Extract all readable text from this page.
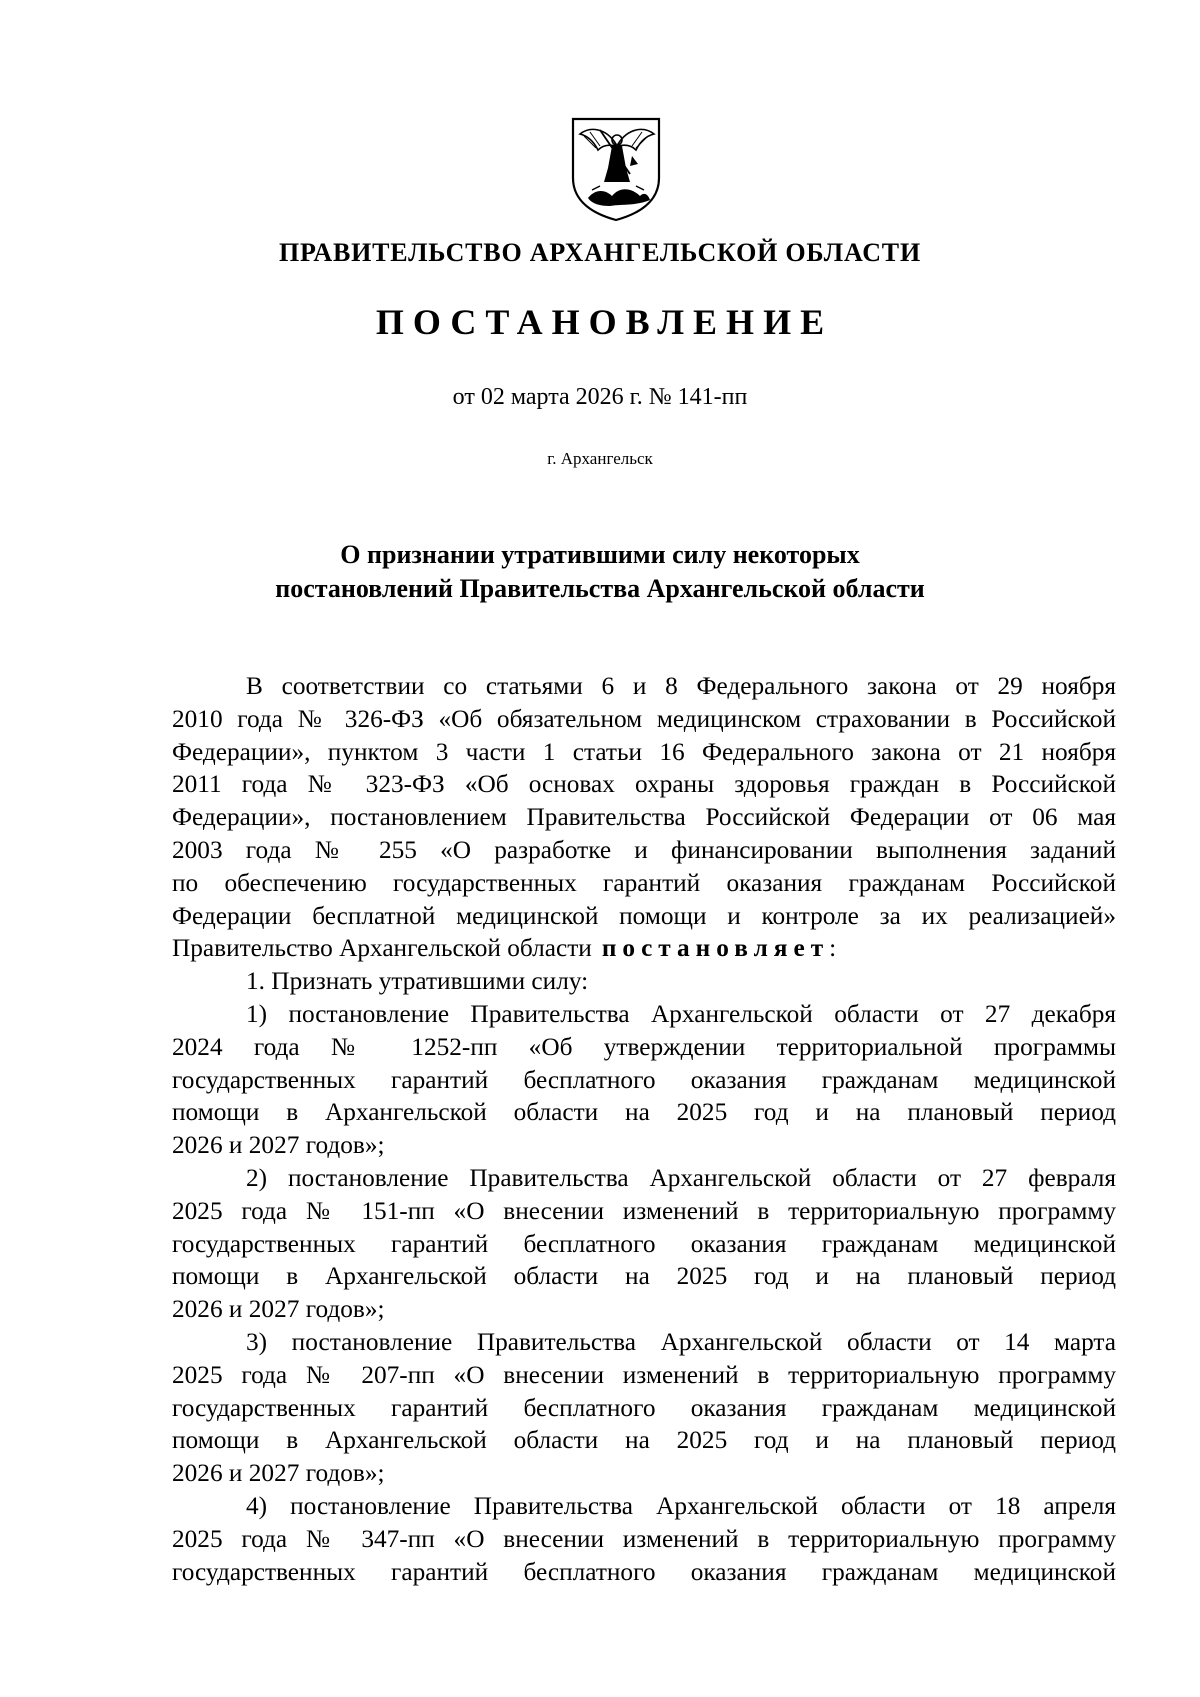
ПРАВИТЕЛЬСТВО АРХАНГЕЛЬСКОЙ ОБЛАСТИ
ПОСТАНОВЛЕНИЕ
от 02 марта 2026 г. № 141-пп
г. Архангельск
О признании утратившими силу некоторых
постановлений Правительства Архангельской области
В соответствии со статьями 6 и 8 Федерального закона от 29 ноября
2010 года № 326-ФЗ «Об обязательном медицинском страховании в Российской
Федерации», пунктом 3 части 1 статьи 16 Федерального закона от 21 ноября
2011 года № 323-ФЗ «Об основах охраны здоровья граждан в Российской
Федерации», постановлением Правительства Российской Федерации от 06 мая
2003 года № 255 «О разработке и финансировании выполнения заданий
по обеспечению государственных гарантий оказания гражданам Российской
Федерации бесплатной медицинской помощи и контроле за их реализацией»
Правительство Архангельской области постановляет:
1. Признать утратившими силу:
1) постановление Правительства Архангельской области от 27 декабря
2024 года № 1252-пп «Об утверждении территориальной программы
государственных гарантий бесплатного оказания гражданам медицинской
помощи в Архангельской области на 2025 год и на плановый период
2026 и 2027 годов»;
2) постановление Правительства Архангельской области от 27 февраля
2025 года № 151-пп «О внесении изменений в территориальную программу
государственных гарантий бесплатного оказания гражданам медицинской
помощи в Архангельской области на 2025 год и на плановый период
2026 и 2027 годов»;
3) постановление Правительства Архангельской области от 14 марта
2025 года № 207-пп «О внесении изменений в территориальную программу
государственных гарантий бесплатного оказания гражданам медицинской
помощи в Архангельской области на 2025 год и на плановый период
2026 и 2027 годов»;
4) постановление Правительства Архангельской области от 18 апреля
2025 года № 347-пп «О внесении изменений в территориальную программу
государственных гарантий бесплатного оказания гражданам медицинской
